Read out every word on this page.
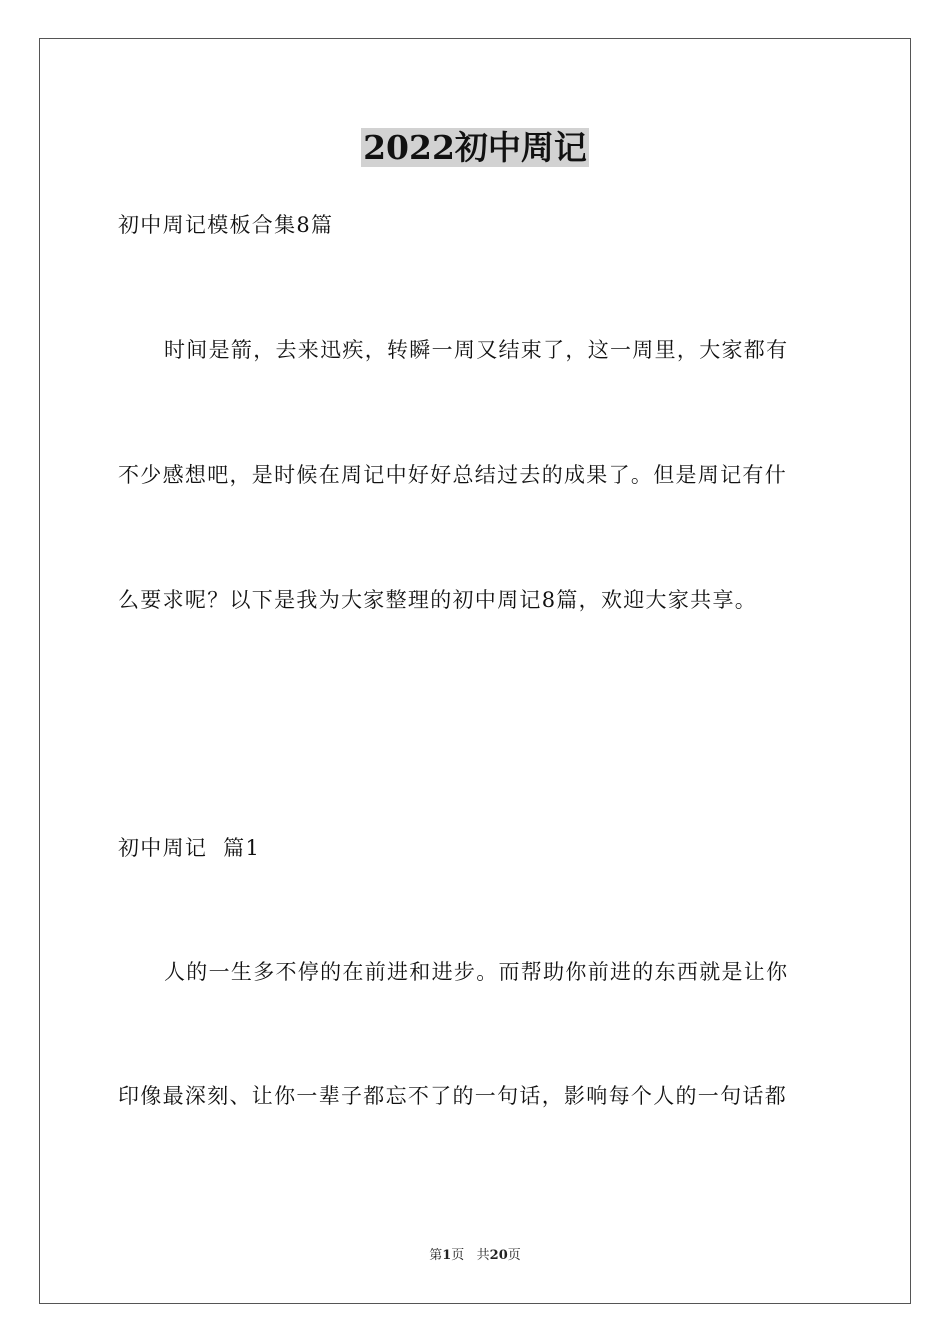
2022初中周记
初中周记模板合集8篇
时间是箭，去来迅疾，转瞬一周又结束了，这一周里，大家都有
不少感想吧，是时候在周记中好好总结过去的成果了。但是周记有什
么要求呢？以下是我为大家整理的初中周记8篇，欢迎大家共享。
初中周记  篇1
人的一生多不停的在前进和进步。而帮助你前进的东西就是让你
印像最深刻、让你一辈子都忘不了的一句话，影响每个人的一句话都
第1页   共20页
